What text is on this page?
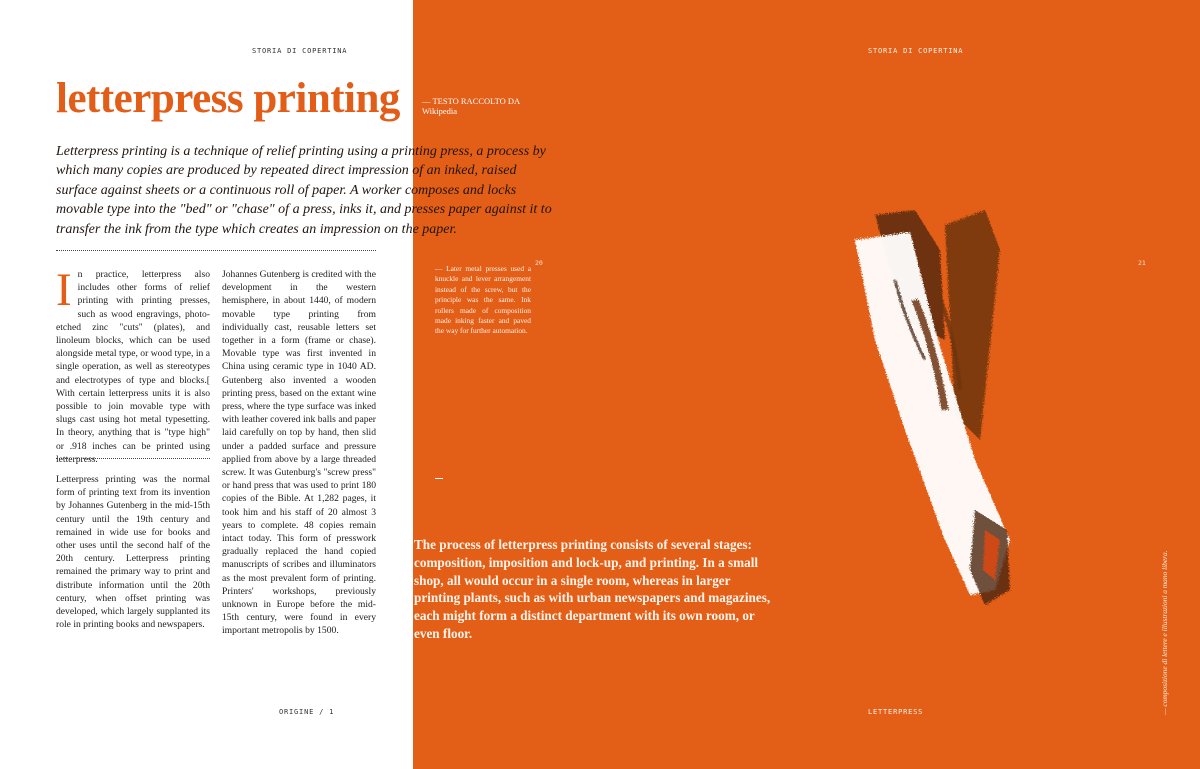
STORIA DI COPERTINA
letterpress printing

Letterpress printing is a technique of relief printing using a printing press, a process by which many copies are produced by repeated direct impression of an inked, raised surface against sheets or a continuous roll of paper. A worker composes and locks movable type into the "bed" or "chase" of a press, inks it, and presses paper against it to transfer the ink from the type which creates an impression on the paper.

In practice, letterpress also includes other forms of relief printing with printing presses, such as wood engravings, photo-etched zinc "cuts" (plates), and linoleum blocks, which can be used alongside metal type, or wood type, in a single operation, as well as stereotypes and electrotypes of type and blocks.[ With certain letterpress units it is also possible to join movable type with slugs cast using hot metal typesetting. In theory, anything that is "type high" or .918 inches can be printed using letterpress.

Letterpress printing was the normal form of printing text from its invention by Johannes Gutenberg in the mid-15th century until the 19th century and remained in wide use for books and other uses until the second half of the 20th century. Letterpress printing remained the primary way to print and distribute information until the 20th century, when offset printing was developed, which largely supplanted its role in printing books and newspapers.

Johannes Gutenberg is credited with the development in the western hemisphere, in about 1440, of modern movable type printing from individually cast, reusable letters set together in a form (frame or chase). Movable type was first invented in China using ceramic type in 1040 AD. Gutenberg also invented a wooden printing press, based on the extant wine press, where the type surface was inked with leather covered ink balls and paper laid carefully on top by hand, then slid under a padded surface and pressure applied from above by a large threaded screw. It was Gutenburg's "screw press" or hand press that was used to print 180 copies of the Bible. At 1,282 pages, it took him and his staff of 20 almost 3 years to complete. 48 copies remain intact today. This form of presswork gradually replaced the hand copied manuscripts of scribes and illuminators as the most prevalent form of printing. Printers' workshops, previously unknown in Europe before the mid-15th century, were found in every important metropolis by 1500.

ORIGINE / 1
STORIA DI COPERTINA
— TESTO RACCOLTO DA
Wikipedia
20	21

— Later metal presses used a knuckle and lever arrangement instead of the screw, but the principle was the same. Ink rollers made of composition made inking faster and paved the way for further automation.

The process of letterpress printing consists of several stages: composition, imposition and lock-up, and printing. In a small shop, all would occur in a single room, whereas in larger printing plants, such as with urban newspapers and magazines, each might form a distinct department with its own room, or even floor.

LETTERPRESS	— composizione di lettere e illustrazioni a mano libera.
